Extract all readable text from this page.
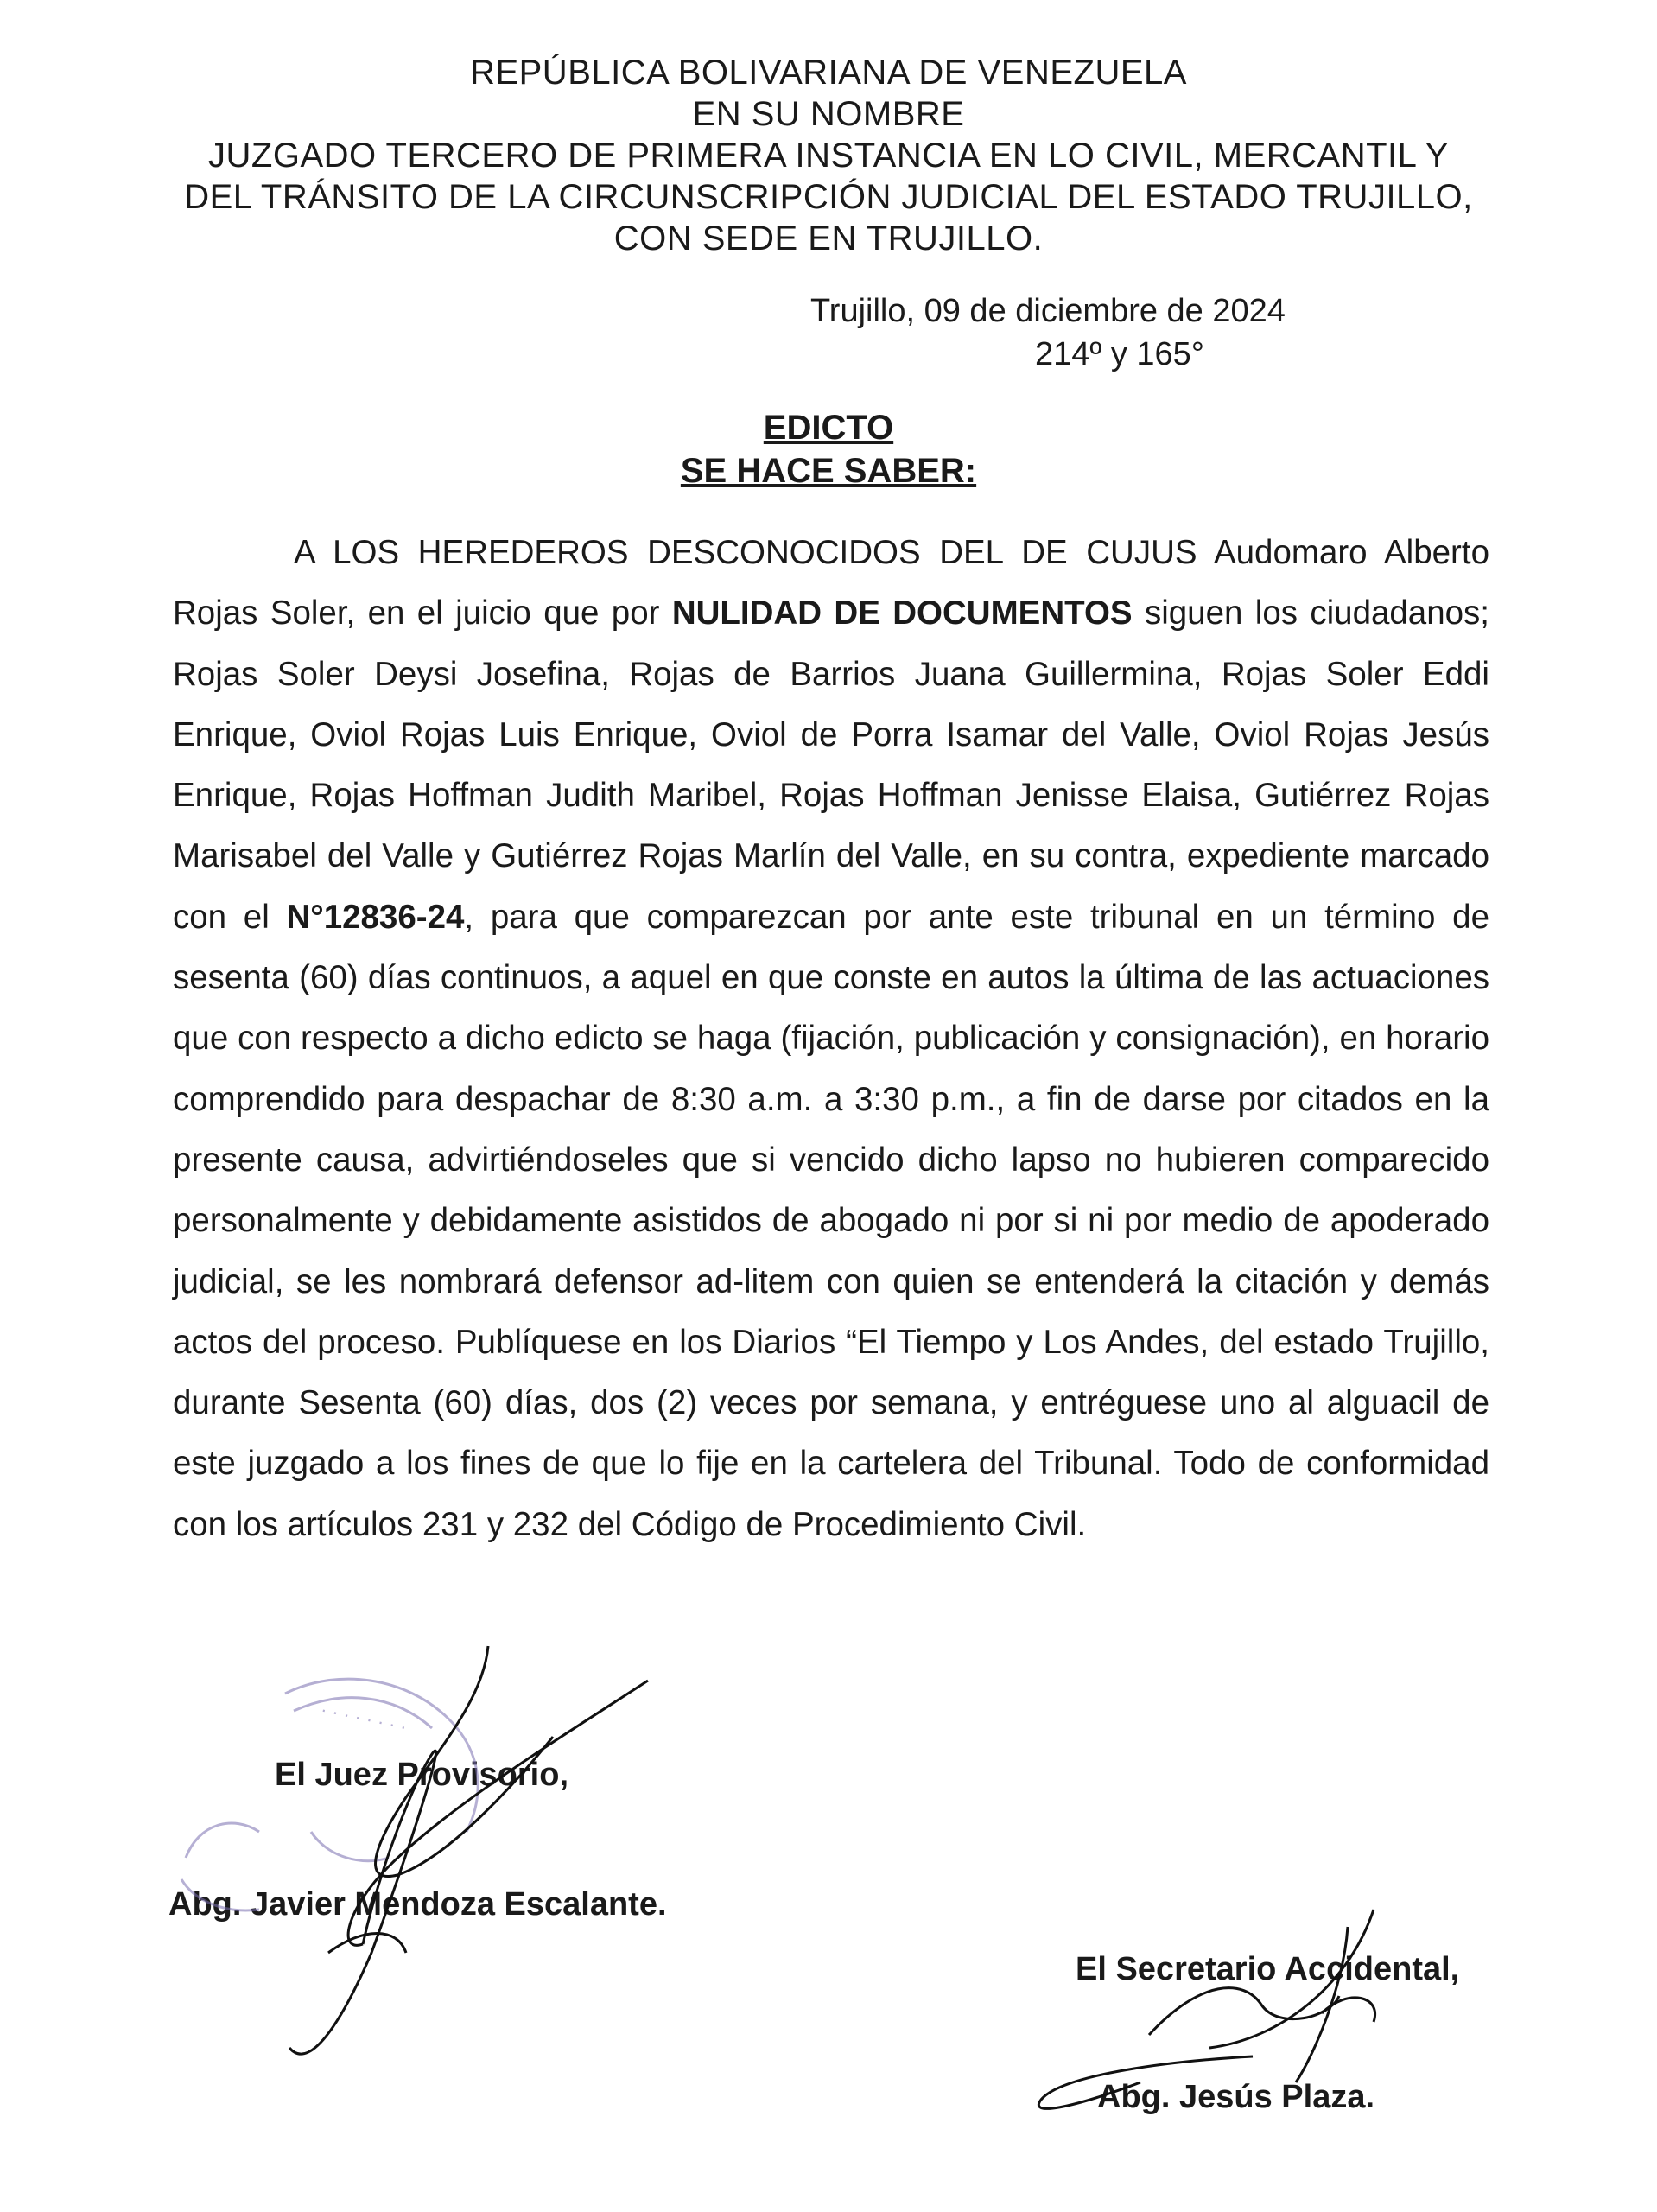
REPÚBLICA BOLIVARIANA DE VENEZUELA
EN SU NOMBRE
JUZGADO TERCERO DE PRIMERA INSTANCIA EN LO CIVIL, MERCANTIL Y
DEL TRÁNSITO DE LA CIRCUNSCRIPCIÓN JUDICIAL DEL ESTADO TRUJILLO,
CON SEDE EN TRUJILLO.
Trujillo, 09 de diciembre de 2024
214º y 165°
EDICTO
SE HACE SABER:

A LOS HEREDEROS DESCONOCIDOS DEL DE CUJUS Audomaro Alberto Rojas Soler, en el juicio que por NULIDAD DE DOCUMENTOS siguen los ciudadanos; Rojas Soler Deysi Josefina, Rojas de Barrios Juana Guillermina, Rojas Soler Eddi Enrique, Oviol Rojas Luis Enrique, Oviol de Porra Isamar del Valle, Oviol Rojas Jesús Enrique, Rojas Hoffman Judith Maribel, Rojas Hoffman Jenisse Elaisa, Gutiérrez Rojas Marisabel del Valle y Gutiérrez Rojas Marlín del Valle, en su contra, expediente marcado con el N°12836-24, para que comparezcan por ante este tribunal en un término de sesenta (60) días continuos, a aquel en que conste en autos la última de las actuaciones que con respecto a dicho edicto se haga (fijación, publicación y consignación), en horario comprendido para despachar de 8:30 a.m. a 3:30 p.m., a fin de darse por citados en la presente causa, advirtiéndoseles que si vencido dicho lapso no hubieren comparecido personalmente y debidamente asistidos de abogado ni por si ni por medio de apoderado judicial, se les nombrará defensor ad-litem con quien se entenderá la citación y demás actos del proceso. Publíquese en los Diarios “El Tiempo y Los Andes, del estado Trujillo, durante Sesenta (60) días, dos (2) veces por semana, y entréguese uno al alguacil de este juzgado a los fines de que lo fije en la cartelera del Tribunal. Todo de conformidad con los artículos 231 y 232 del Código de Procedimiento Civil.

El Juez Provisorio,
Abg. Javier Mendoza Escalante.
El Secretario Accidental,
Abg. Jesús Plaza.
· · · · · · · ·
